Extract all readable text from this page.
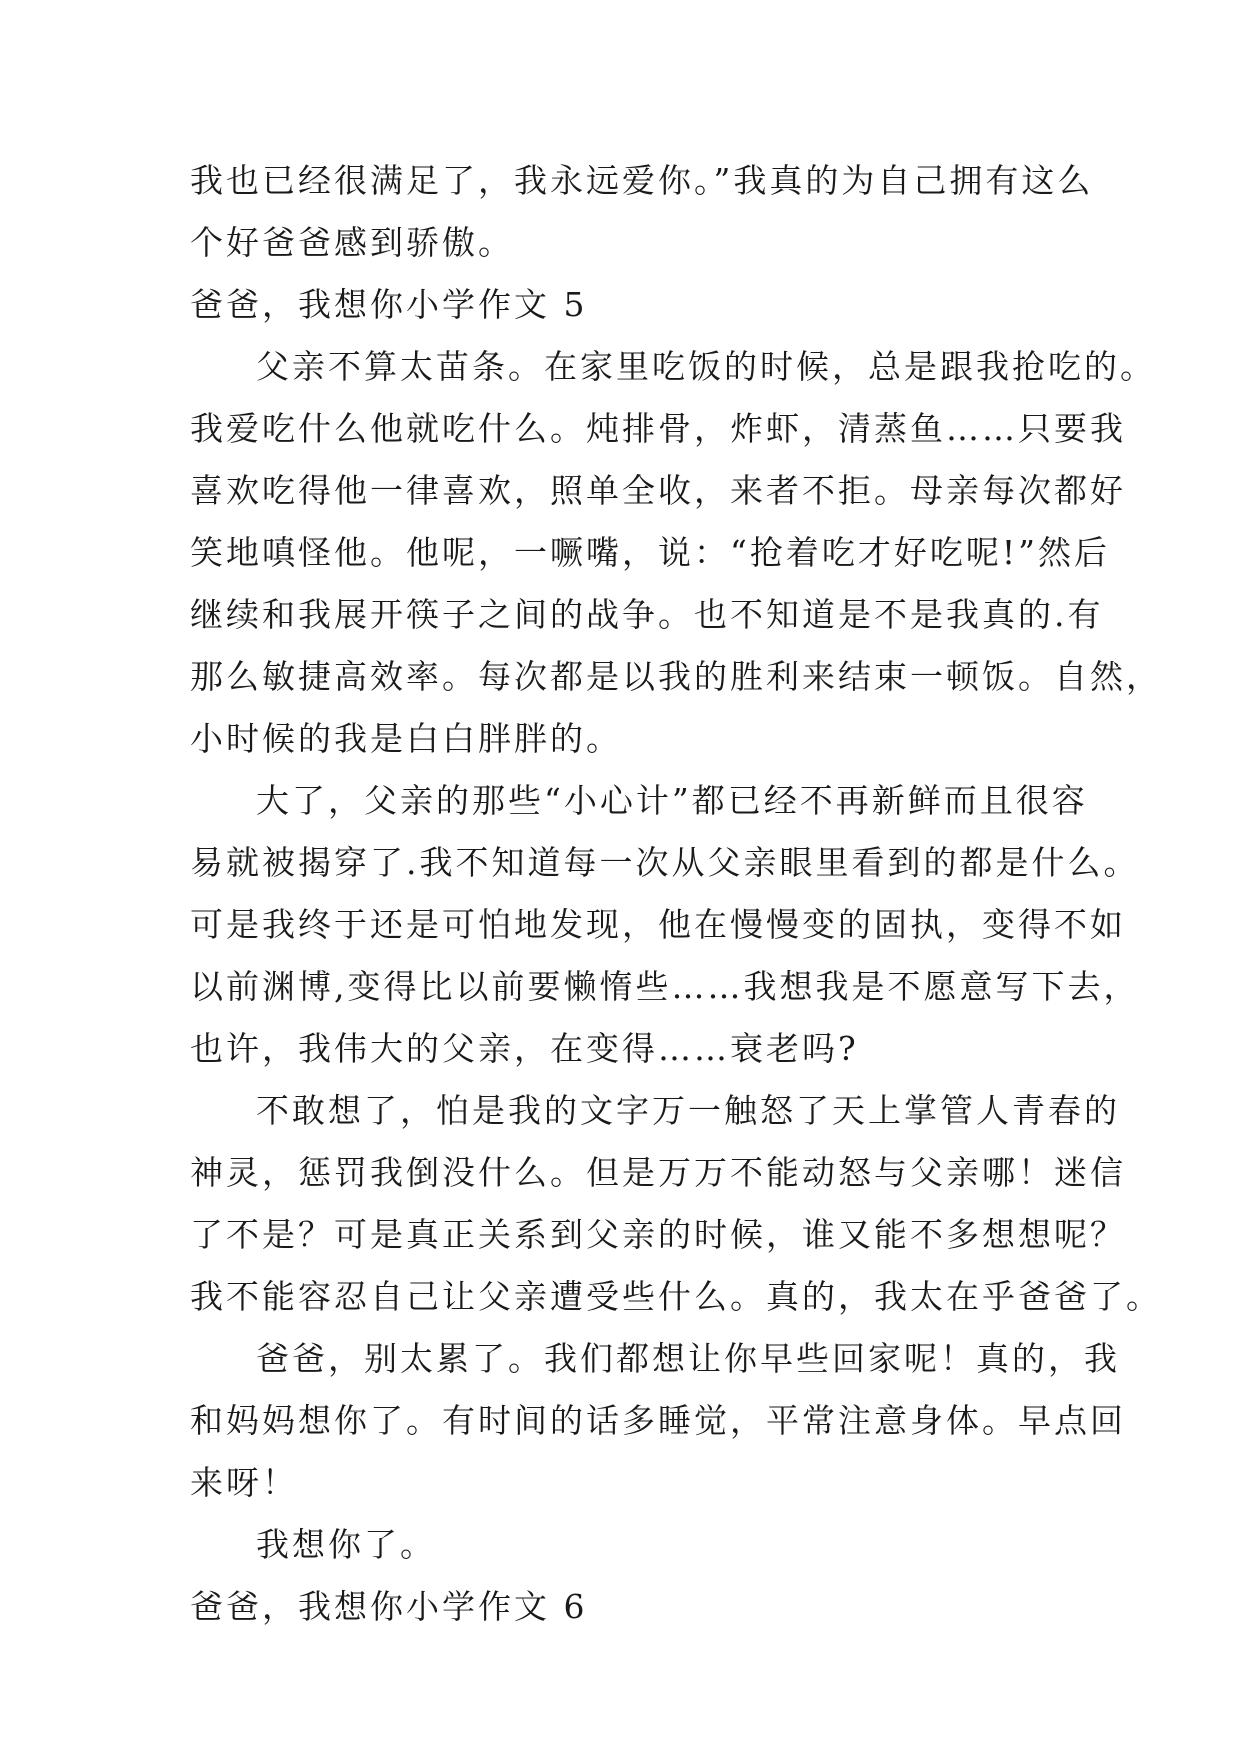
我也已经很满足了，我永远爱你。”我真的为自己拥有这么
个好爸爸感到骄傲。
爸爸，我想你小学作文 5
父亲不算太苗条。在家里吃饭的时候，总是跟我抢吃的。
我爱吃什么他就吃什么。炖排骨，炸虾，清蒸鱼……只要我
喜欢吃得他一律喜欢，照单全收，来者不拒。母亲每次都好
笑地嗔怪他。他呢，一噘嘴，说：“抢着吃才好吃呢!”然后
继续和我展开筷子之间的战争。也不知道是不是我真的.有
那么敏捷高效率。每次都是以我的胜利来结束一顿饭。自然，
小时候的我是白白胖胖的。
大了，父亲的那些“小心计”都已经不再新鲜而且很容
易就被揭穿了.我不知道每一次从父亲眼里看到的都是什么。
可是我终于还是可怕地发现，他在慢慢变的固执，变得不如
以前渊博,变得比以前要懒惰些……我想我是不愿意写下去，
也许，我伟大的父亲，在变得……衰老吗?
不敢想了，怕是我的文字万一触怒了天上掌管人青春的
神灵，惩罚我倒没什么。但是万万不能动怒与父亲哪！迷信
了不是？可是真正关系到父亲的时候，谁又能不多想想呢？
我不能容忍自己让父亲遭受些什么。真的，我太在乎爸爸了。
爸爸，别太累了。我们都想让你早些回家呢！真的，我
和妈妈想你了。有时间的话多睡觉，平常注意身体。早点回
来呀！
我想你了。
爸爸，我想你小学作文 6
